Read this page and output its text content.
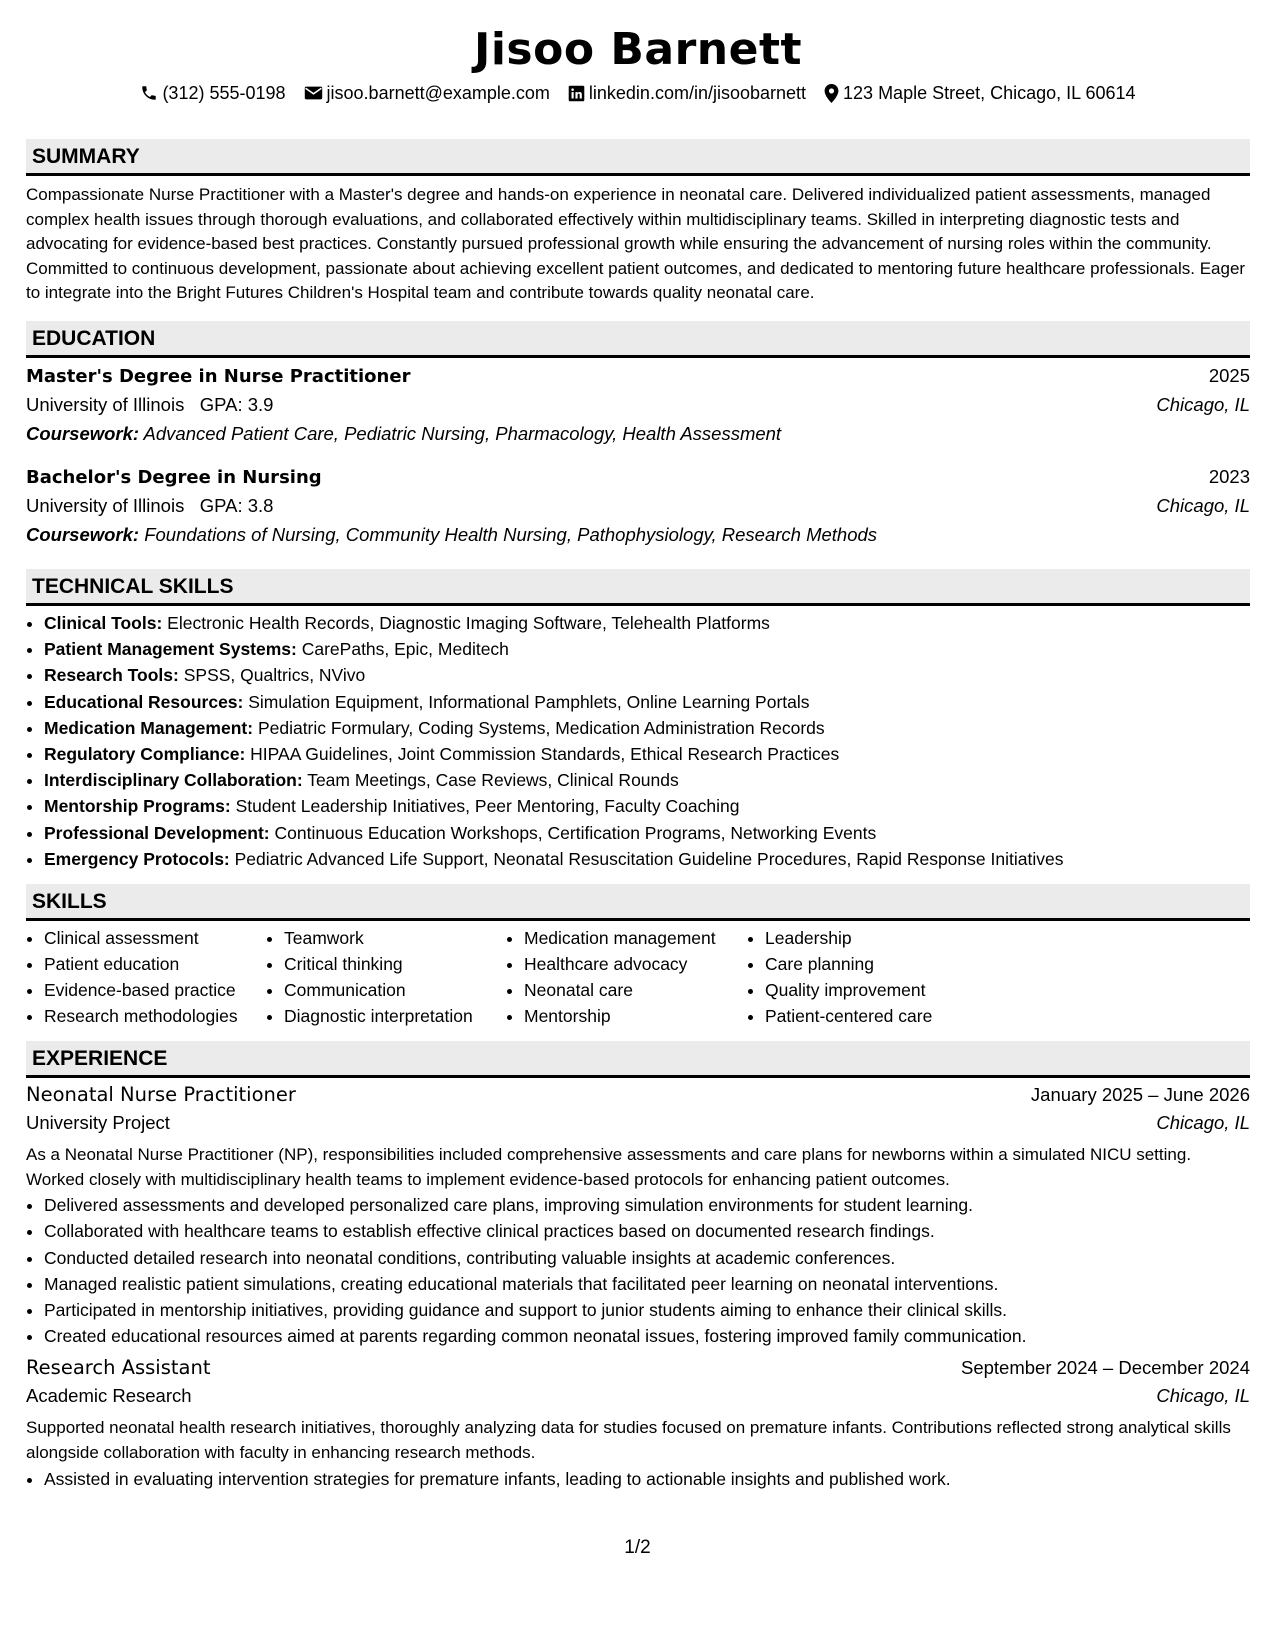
Jisoo Barnett
(312) 555-0198 jisoo.barnett@example.com linkedin.com/in/jisoobarnett 123 Maple Street, Chicago, IL 60614
SUMMARY

Compassionate Nurse Practitioner with a Master's degree and hands-on experience in neonatal care. Delivered individualized patient assessments, managed complex health issues through thorough evaluations, and collaborated effectively within multidisciplinary teams. Skilled in interpreting diagnostic tests and advocating for evidence-based best practices. Constantly pursued professional growth while ensuring the advancement of nursing roles within the community. Committed to continuous development, passionate about achieving excellent patient outcomes, and dedicated to mentoring future healthcare professionals. Eager to integrate into the Bright Futures Children's Hospital team and contribute towards quality neonatal care.

EDUCATION
Master's Degree in Nurse Practitioner	2025
University of Illinois GPA: 3.9	Chicago, IL
Coursework: Advanced Patient Care, Pediatric Nursing, Pharmacology, Health Assessment
Bachelor's Degree in Nursing	2023
University of Illinois GPA: 3.8	Chicago, IL
Coursework: Foundations of Nursing, Community Health Nursing, Pathophysiology, Research Methods
TECHNICAL SKILLS
• Clinical Tools: Electronic Health Records, Diagnostic Imaging Software, Telehealth Platforms
• Patient Management Systems: CarePaths, Epic, Meditech
• Research Tools: SPSS, Qualtrics, NVivo
• Educational Resources: Simulation Equipment, Informational Pamphlets, Online Learning Portals
• Medication Management: Pediatric Formulary, Coding Systems, Medication Administration Records
• Regulatory Compliance: HIPAA Guidelines, Joint Commission Standards, Ethical Research Practices
• Interdisciplinary Collaboration: Team Meetings, Case Reviews, Clinical Rounds
• Mentorship Programs: Student Leadership Initiatives, Peer Mentoring, Faculty Coaching
• Professional Development: Continuous Education Workshops, Certification Programs, Networking Events
• Emergency Protocols: Pediatric Advanced Life Support, Neonatal Resuscitation Guideline Procedures, Rapid Response Initiatives
SKILLS
• Clinical assessment
• Patient education
• Evidence-based practice
• Research methodologies
• Teamwork
• Critical thinking
• Communication
• Diagnostic interpretation
• Medication management
• Healthcare advocacy
• Neonatal care
• Mentorship
• Leadership
• Care planning
• Quality improvement
• Patient-centered care
EXPERIENCE
Neonatal Nurse Practitioner	January 2025 – June 2026
University Project	Chicago, IL

As a Neonatal Nurse Practitioner (NP), responsibilities included comprehensive assessments and care plans for newborns within a simulated NICU setting. Worked closely with multidisciplinary health teams to implement evidence-based protocols for enhancing patient outcomes.

• Delivered assessments and developed personalized care plans, improving simulation environments for student learning.
• Collaborated with healthcare teams to establish effective clinical practices based on documented research findings.
• Conducted detailed research into neonatal conditions, contributing valuable insights at academic conferences.
• Managed realistic patient simulations, creating educational materials that facilitated peer learning on neonatal interventions.
• Participated in mentorship initiatives, providing guidance and support to junior students aiming to enhance their clinical skills.
• Created educational resources aimed at parents regarding common neonatal issues, fostering improved family communication.
Research Assistant	September 2024 – December 2024
Academic Research	Chicago, IL

Supported neonatal health research initiatives, thoroughly analyzing data for studies focused on premature infants. Contributions reflected strong analytical skills alongside collaboration with faculty in enhancing research methods.

• Assisted in evaluating intervention strategies for premature infants, leading to actionable insights and published work.
1/2
